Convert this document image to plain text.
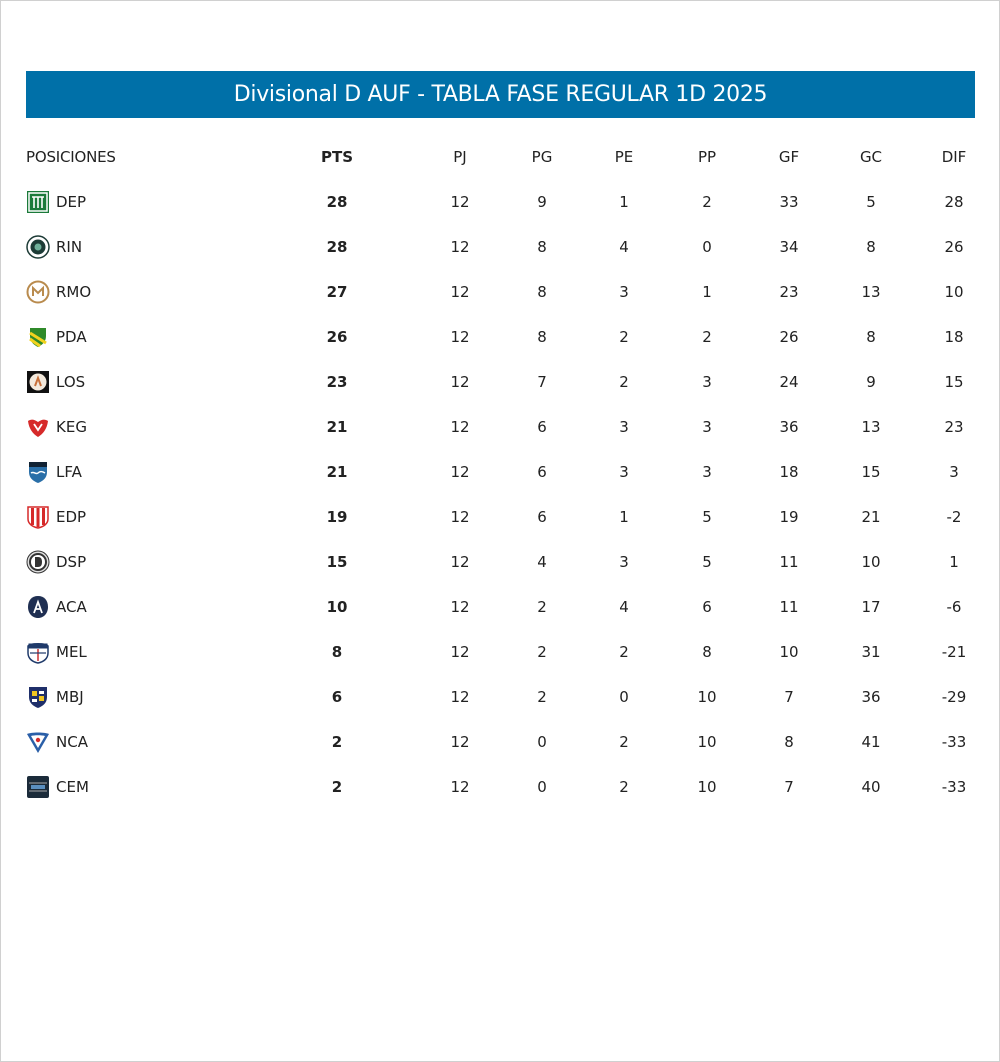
Divisional D AUF - TABLA FASE REGULAR 1D 2025
POSICIONES	PTS	PJ	PG	PE	PP	GF	GC	DIF
DEP	28	12	9	1	2	33	5	28
RIN	28	12	8	4	0	34	8	26
RMO	27	12	8	3	1	23	13	10
PDA	26	12	8	2	2	26	8	18
LOS	23	12	7	2	3	24	9	15
KEG	21	12	6	3	3	36	13	23
LFA	21	12	6	3	3	18	15	3
EDP	19	12	6	1	5	19	21	-2
DSP	15	12	4	3	5	11	10	1
ACA	10	12	2	4	6	11	17	-6
MEL	8	12	2	2	8	10	31	-21
MBJ	6	12	2	0	10	7	36	-29
NCA	2	12	0	2	10	8	41	-33
CEM	2	12	0	2	10	7	40	-33
